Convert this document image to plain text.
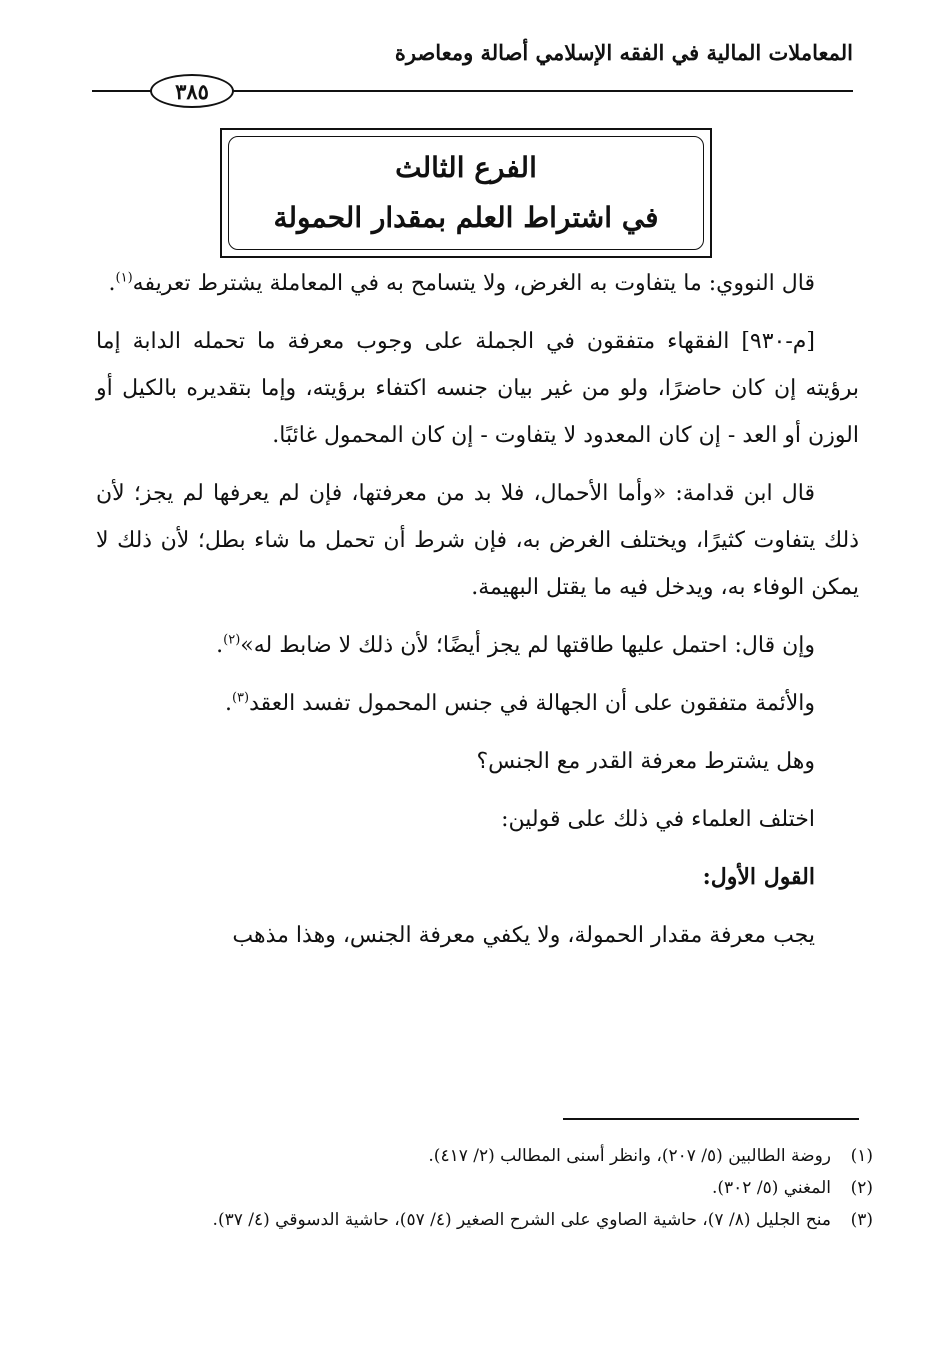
المعاملات المالية في الفقه الإسلامي أصالة ومعاصرة
٣٨٥
الفرع الثالث
في اشتراط العلم بمقدار الحمولة

قال النووي: ما يتفاوت به الغرض، ولا يتسامح به في المعاملة يشترط تعريفه$^{(١)}$.

[م-٩٣٠] الفقهاء متفقون في الجملة على وجوب معرفة ما تحمله الدابة إما برؤيته إن كان حاضرًا، ولو من غير بيان جنسه اكتفاء برؤيته، وإما بتقديره بالكيل أو الوزن أو العد - إن كان المعدود لا يتفاوت - إن كان المحمول غائبًا.

قال ابن قدامة: «وأما الأحمال، فلا بد من معرفتها، فإن لم يعرفها لم يجز؛ لأن ذلك يتفاوت كثيرًا، ويختلف الغرض به، فإن شرط أن تحمل ما شاء بطل؛ لأن ذلك لا يمكن الوفاء به، ويدخل فيه ما يقتل البهيمة.

وإن قال: احتمل عليها طاقتها لم يجز أيضًا؛ لأن ذلك لا ضابط له»$^{(٢)}$.

والأئمة متفقون على أن الجهالة في جنس المحمول تفسد العقد$^{(٣)}$.

وهل يشترط معرفة القدر مع الجنس؟

اختلف العلماء في ذلك على قولين:

القول الأول:

يجب معرفة مقدار الحمولة، ولا يكفي معرفة الجنس، وهذا مذهب

(١)
روضة الطالبين (٥/ ٢٠٧)، وانظر أسنى المطالب (٢/ ٤١٧).
(٢)
المغني (٥/ ٣٠٢).
(٣)
منح الجليل (٨/ ٧)، حاشية الصاوي على الشرح الصغير (٤/ ٥٧)، حاشية الدسوقي (٤/ ٣٧).
